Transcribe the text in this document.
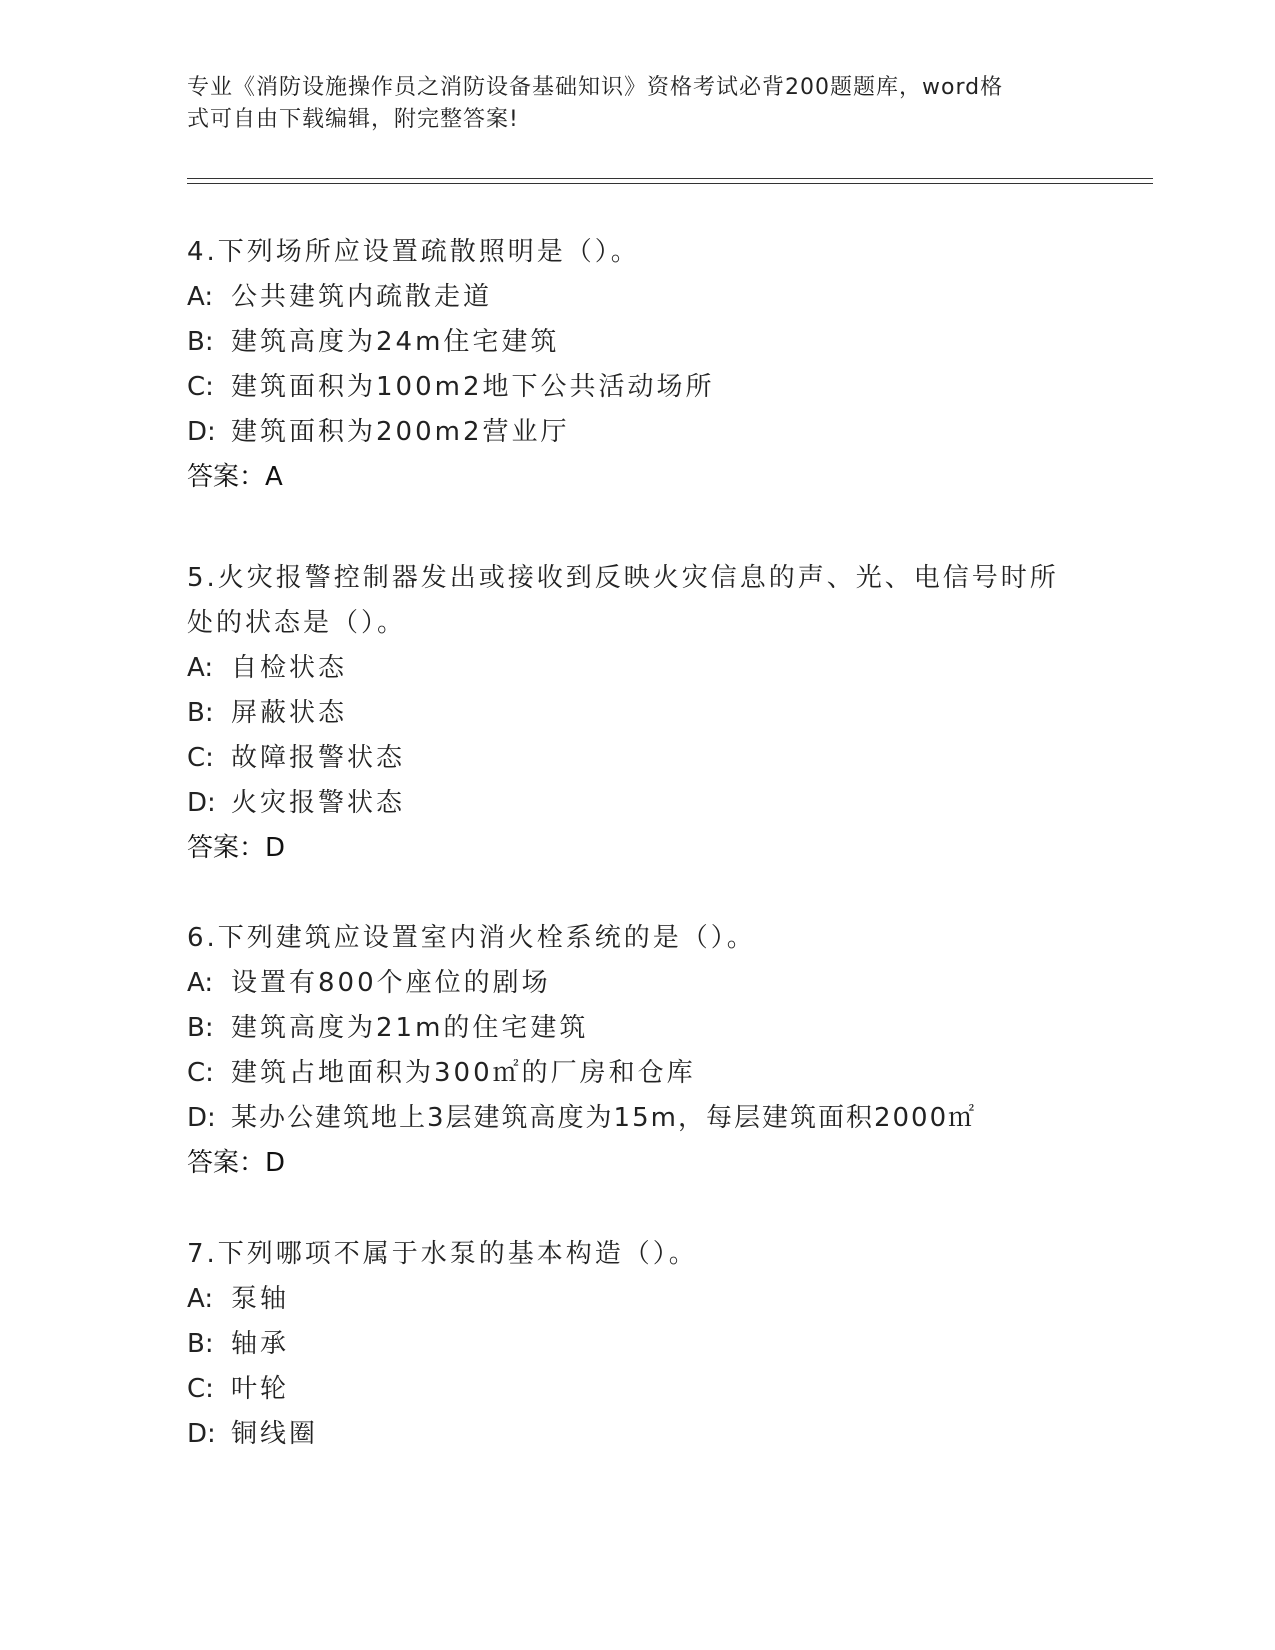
专业《消防设施操作员之消防设备基础知识》资格考试必背200题题库，word格
式可自由下载编辑，附完整答案!
4.下列场所应设置疏散照明是（）。
A: 公共建筑内疏散走道
B: 建筑高度为24m住宅建筑
C: 建筑面积为100m2地下公共活动场所
D: 建筑面积为200m2营业厅
答案：A
5.火灾报警控制器发出或接收到反映火灾信息的声、光、电信号时所处的状态是（）。
A: 自检状态
B: 屏蔽状态
C: 故障报警状态
D: 火灾报警状态
答案：D
6.下列建筑应设置室内消火栓系统的是（）。
A: 设置有800个座位的剧场
B: 建筑高度为21m的住宅建筑
C: 建筑占地面积为300㎡的厂房和仓库
D: 某办公建筑地上3层建筑高度为15m，每层建筑面积2000㎡
答案：D
7.下列哪项不属于水泵的基本构造（）。
A: 泵轴
B: 轴承
C: 叶轮
D: 铜线圈
